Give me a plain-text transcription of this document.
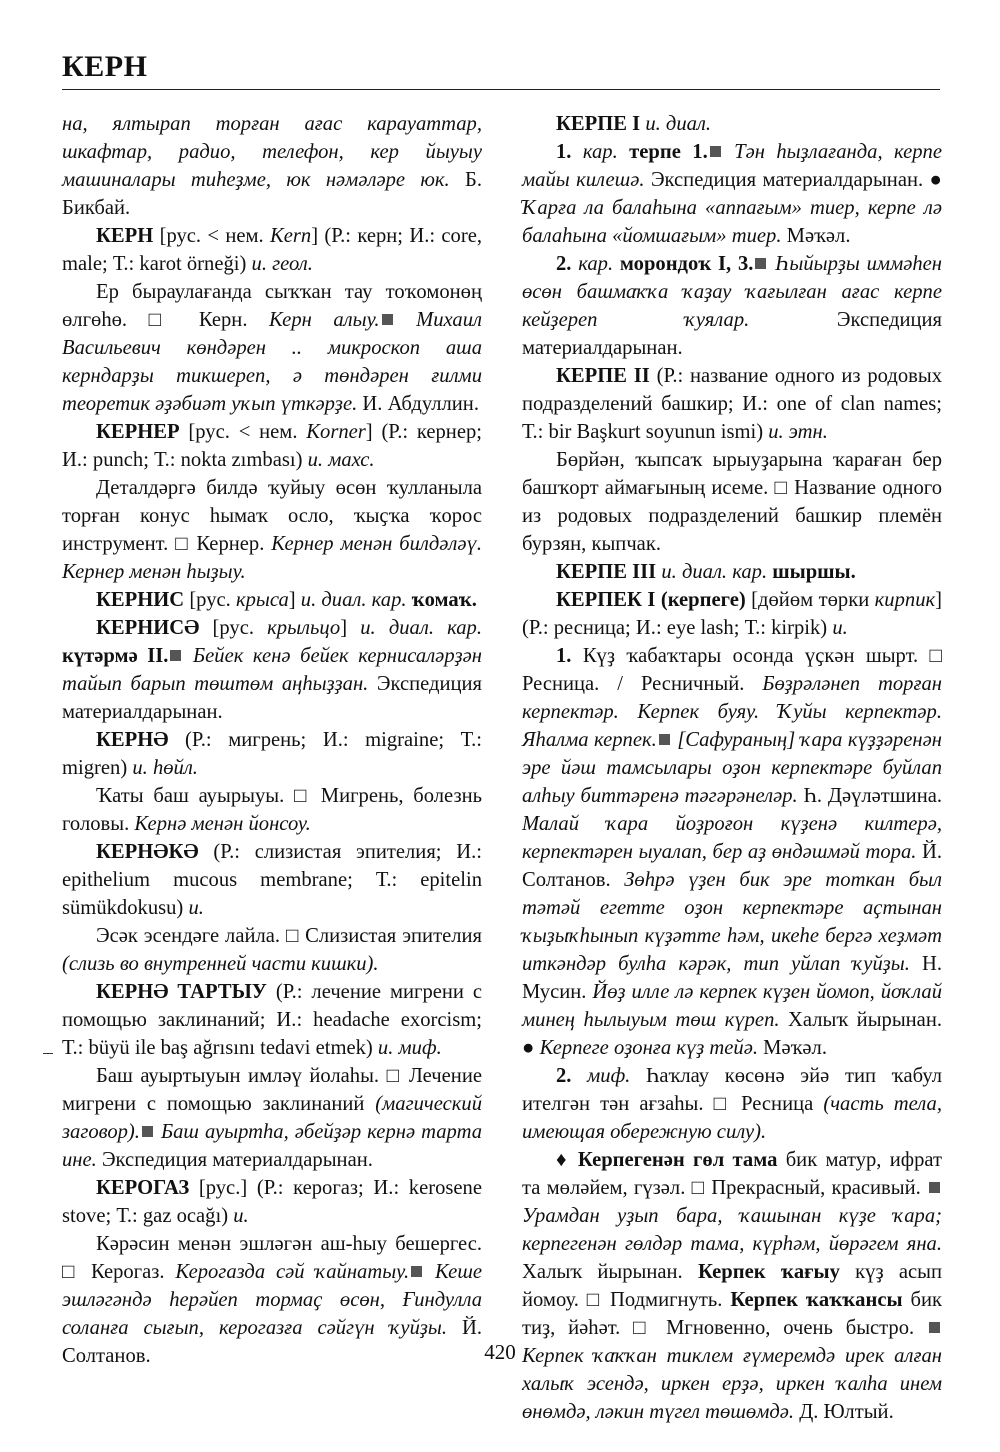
КЕРН

на, ялтырап торған ағас карауаттар, шкафтар, радио, телефон, кер йыуыу машиналары тиһеҙме, юк нәмәләре юк. Б. Бикбай.

КЕРН [рус. < нем. Kern] (Р.: керн; И.: core, male; Т.: karot örneği) и. геол.

Ер быраулағанда сыҡҡан тау тоҡомонөң өлгөһө. □ Керн. Керн алыу. Михаил Васильевич көндәрен .. микроскоп аша керндарҙы тикшереп, ә төндәрен ғилми теоретик әҙәбиәт уҡып үткәрҙе. И. Абдуллин.

КЕРНЕР [рус. < нем. Korner] (Р.: кернер; И.: punch; Т.: nokta zımbası) и. махс.

Деталдәргә билдә ҡуйыу өсөн ҡулланыла торған конус һымаҡ осло, ҡыҫҡа ҡорос инструмент. □ Кернер. Кернер менән билдәләү. Кернер менән һыҙыу.

КЕРНИС [рус. крыса] и. диал. кар. ҡомаҡ.

КЕРНИСӘ [рус. крыльцо] и. диал. кар. күтәрмә II. Бейек кенә бейек кернисаләрҙән тайып барып төштөм аңһыҙҙан. Экспедиция материалдарынан.

КЕРНӘ (Р.: мигрень; И.: migraine; Т.: migren) и. һөйл.

Ҡаты баш ауырыуы. □ Мигрень, болезнь головы. Кернә менән йонсоу.

КЕРНӘКӘ (Р.: слизистая эпителия; И.: epithelium mucous membrane; Т.: epitelin sümükdokusu) и.

Эсәк эсендәге лайла. □ Слизистая эпителия (слизь во внутренней части кишки).

КЕРНӘ ТАРТЫУ (Р.: лечение мигрени с помощью заклинаний; И.: headache exorcism; Т.: büyü ile baş ağrısını tedavi etmek) и. миф.

Баш ауыртыуын имләү йолаһы. □ Лечение мигрени с помощью заклинаний (магический заговор). Баш ауыртһа, әбейҙәр кернә тарта ине. Экспедиция материалдарынан.

КЕРОГАЗ [рус.] (Р.: керогаз; И.: kerosene stove; Т.: gaz ocağı) и.

Кәрәсин менән эшләгән аш-һыу бешергес. □ Керогаз. Керогазда сәй ҡайнатыу. Кеше эшләгәндә һерәйеп тормаҫ өсөн, Ғиндулла соланға сығып, керогазға сәйгүн ҡуйҙы. Й. Солтанов.

КЕРПЕ I и. диал.

1. кар. терпе 1. Тән һыҙлағанда, керпе майы килешә. Экспедиция материалдарынан. ● Ҡарға ла балаһына «аппағым» тиер, керпе лә балаһына «йомшағым» тиер. Мәҡәл.

2. кар. морондоҡ I, 3. Һыйырҙы иммәһен өсөн башмаҡҡа ҡаҙау ҡағылған ағас керпе кейҙереп ҡуялар. Экспедиция материалдарынан.

КЕРПЕ II (Р.: название одного из родовых подразделений башкир; И.: one of clan names; Т.: bir Başkurt soyunun ismi) и. этн.

Бөрйән, ҡыпсаҡ ырыуҙарына ҡараған бер башҡорт аймағының исеме. □ Название одного из родовых подразделений башкир племён бурзян, кыпчак.

КЕРПЕ III и. диал. кар. шыршы.

КЕРПЕК I (керпеге) [дөйөм төрки кирпик] (Р.: ресница; И.: eye lash; Т.: kirpik) и.

1. Күҙ ҡабаҡтары осонда үҫкән шырт. □ Ресница. / Ресничный. Бөҙрәләнеп торған керпектәр. Керпек буяу. Ҡуйы керпектәр. Яһалма керпек. [Сафураның] ҡара күҙҙәренән эре йәш тамсылары оҙон керпектәре буйлап алһыу биттәренә тәгәрәнеләр. Һ. Дәүләтшина. Малай ҡара йоҙроғон күҙенә килтерә, керпектәрен ыуалап, бер аҙ өндәшмәй тора. Й. Солтанов. Зөһрә үҙен бик эре тоткан был тәтәй егетте оҙон керпектәре аҫтынан ҡыҙыҡһынып күҙәтте һәм, икеһе бергә хеҙмәт иткәндәр булһа кәрәк, тип уйлап ҡуйҙы. Н. Мусин. Йөҙ илле лә керпек күҙен йомоп, йоҡлай минең һылыуым төш күреп. Халыҡ йырынан. ● Керпеге оҙонға күҙ тейә. Мәҡәл.

2. миф. Һаҡлау көсөнә эйә тип ҡабул ителгән тән ағзаһы. □ Ресница (часть тела, имеющая обережную силу).

♦ Керпегенән гөл тама бик матур, ифрат та мөләйем, гүзәл. □ Прекрасный, красивый.  Урамдан уҙып бара, ҡашынан күҙе ҡара; керпегенән гөлдәр тама, күрһәм, йөрәгем яна. Халыҡ йырынан. Керпек ҡағыу күҙ асып йомоу. □ Подмигнуть. Керпек ҡаҡҡансы бик тиҙ, йәһәт. □ Мгновенно, очень быстро.  Керпек ҡаҡҡан тиклем ғүмеремдә ирек алған халыҡ эсендә, иркен ерҙә, иркен ҡалһа инем өнөмдә, ләкин түгел төшөмдә. Д. Юлтый.

420
